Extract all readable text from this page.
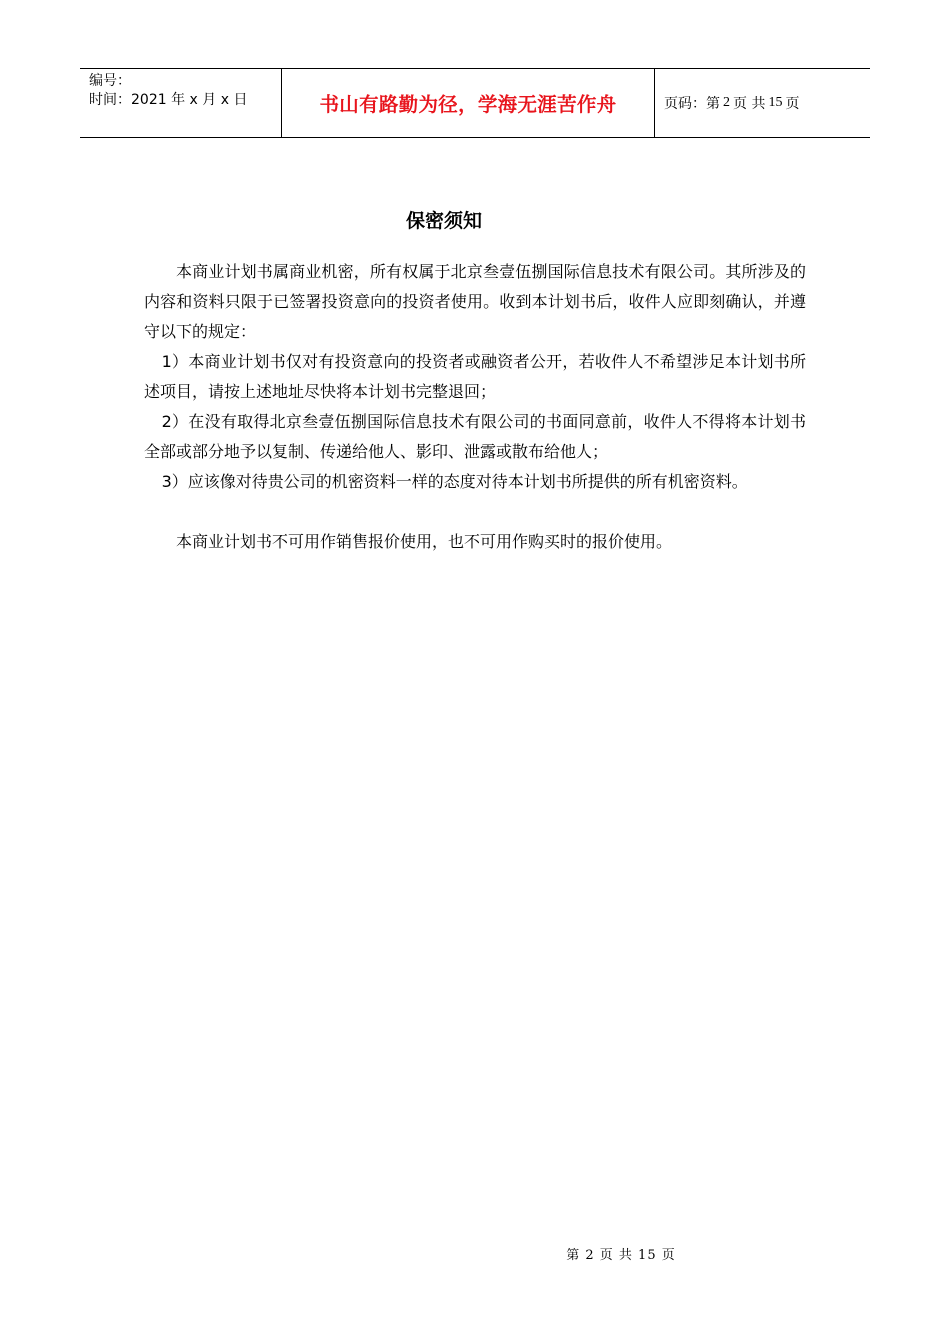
编号：
时间：2021 年 x 月 x 日	书山有路勤为径，学海无涯苦作舟	页码：第 2 页 共 15 页
保密须知

本商业计划书属商业机密，所有权属于北京叁壹伍捌国际信息技术有限公司。其所涉及的内容和资料只限于已签署投资意向的投资者使用。收到本计划书后，收件人应即刻确认，并遵守以下的规定：

1）本商业计划书仅对有投资意向的投资者或融资者公开，若收件人不希望涉足本计划书所述项目，请按上述地址尽快将本计划书完整退回；

2）在没有取得北京叁壹伍捌国际信息技术有限公司的书面同意前，收件人不得将本计划书全部或部分地予以复制、传递给他人、影印、泄露或散布给他人；

3）应该像对待贵公司的机密资料一样的态度对待本计划书所提供的所有机密资料。

本商业计划书不可用作销售报价使用，也不可用作购买时的报价使用。

第 2 页 共 15 页
